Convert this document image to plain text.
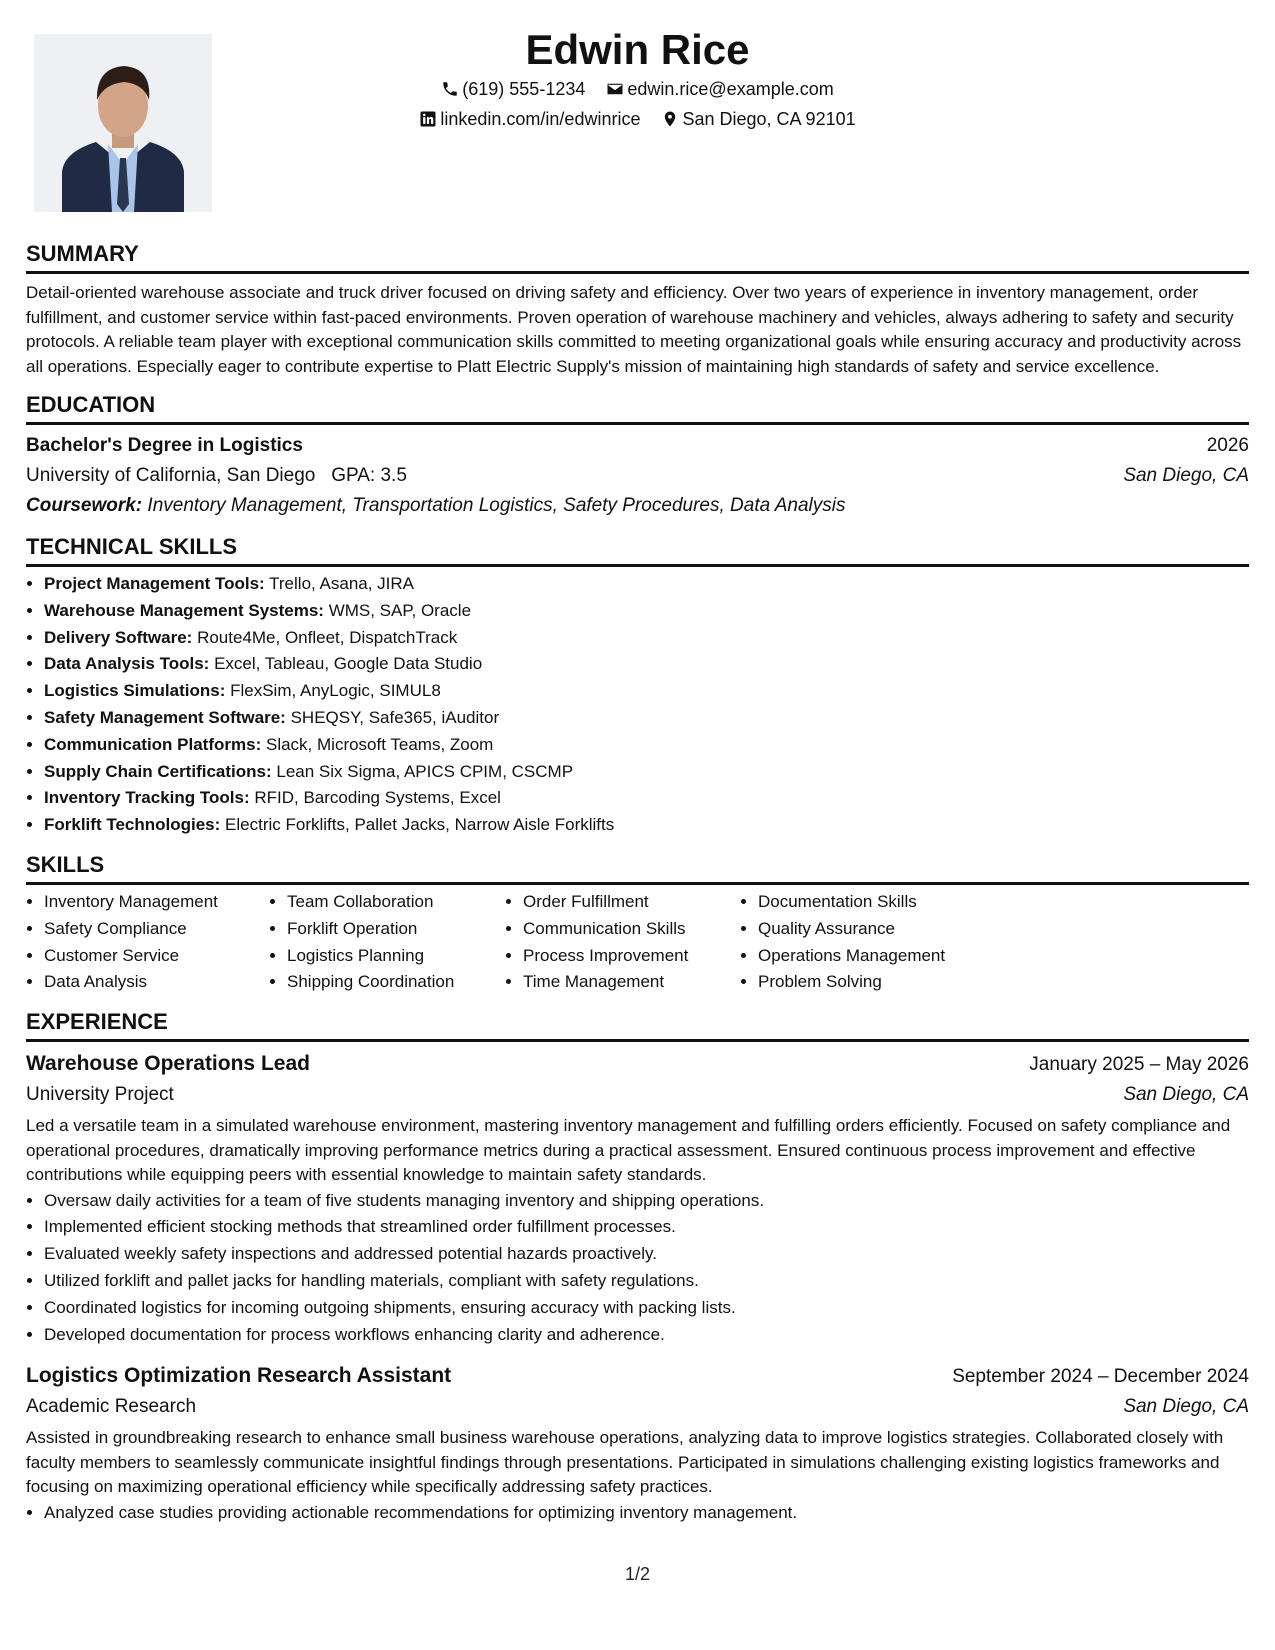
Edwin Rice
(619) 555-1234
edwin.rice@example.com
linkedin.com/in/edwinrice
San Diego, CA 92101
SUMMARY

Detail-oriented warehouse associate and truck driver focused on driving safety and efficiency. Over two years of experience in inventory management, order fulfillment, and customer service within fast-paced environments. Proven operation of warehouse machinery and vehicles, always adhering to safety and security protocols. A reliable team player with exceptional communication skills committed to meeting organizational goals while ensuring accuracy and productivity across all operations. Especially eager to contribute expertise to Platt Electric Supply's mission of maintaining high standards of safety and service excellence.

EDUCATION
Bachelor's Degree in Logistics	2026
University of California, San Diego GPA: 3.5	San Diego, CA
Coursework: Inventory Management, Transportation Logistics, Safety Procedures, Data Analysis
TECHNICAL SKILLS
• Project Management Tools: Trello, Asana, JIRA
• Warehouse Management Systems: WMS, SAP, Oracle
• Delivery Software: Route4Me, Onfleet, DispatchTrack
• Data Analysis Tools: Excel, Tableau, Google Data Studio
• Logistics Simulations: FlexSim, AnyLogic, SIMUL8
• Safety Management Software: SHEQSY, Safe365, iAuditor
• Communication Platforms: Slack, Microsoft Teams, Zoom
• Supply Chain Certifications: Lean Six Sigma, APICS CPIM, CSCMP
• Inventory Tracking Tools: RFID, Barcoding Systems, Excel
• Forklift Technologies: Electric Forklifts, Pallet Jacks, Narrow Aisle Forklifts
SKILLS
• Inventory Management
• Safety Compliance
• Customer Service
• Data Analysis
• Team Collaboration
• Forklift Operation
• Logistics Planning
• Shipping Coordination
• Order Fulfillment
• Communication Skills
• Process Improvement
• Time Management
• Documentation Skills
• Quality Assurance
• Operations Management
• Problem Solving
EXPERIENCE
Warehouse Operations Lead	January 2025 – May 2026
University Project	San Diego, CA

Led a versatile team in a simulated warehouse environment, mastering inventory management and fulfilling orders efficiently. Focused on safety compliance and operational procedures, dramatically improving performance metrics during a practical assessment. Ensured continuous process improvement and effective contributions while equipping peers with essential knowledge to maintain safety standards.

• Oversaw daily activities for a team of five students managing inventory and shipping operations.
• Implemented efficient stocking methods that streamlined order fulfillment processes.
• Evaluated weekly safety inspections and addressed potential hazards proactively.
• Utilized forklift and pallet jacks for handling materials, compliant with safety regulations.
• Coordinated logistics for incoming outgoing shipments, ensuring accuracy with packing lists.
• Developed documentation for process workflows enhancing clarity and adherence.
Logistics Optimization Research Assistant	September 2024 – December 2024
Academic Research	San Diego, CA

Assisted in groundbreaking research to enhance small business warehouse operations, analyzing data to improve logistics strategies. Collaborated closely with faculty members to seamlessly communicate insightful findings through presentations. Participated in simulations challenging existing logistics frameworks and focusing on maximizing operational efficiency while specifically addressing safety practices.

• Analyzed case studies providing actionable recommendations for optimizing inventory management.
1/2
